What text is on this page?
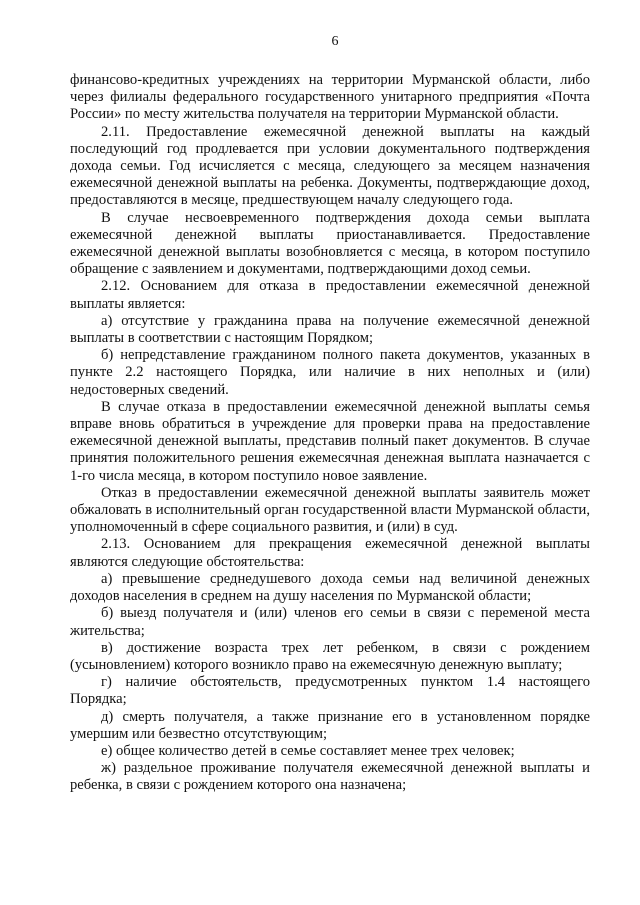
6

финансово-кредитных учреждениях на территории Мурманской области, либо через филиалы федерального государственного унитарного предприятия «Почта России» по месту жительства получателя на территории Мурманской области.

2.11. Предоставление ежемесячной денежной выплаты на каждый последующий год продлевается при условии документального подтверждения дохода семьи. Год исчисляется с месяца, следующего за месяцем назначения ежемесячной денежной выплаты на ребенка. Документы, подтверждающие доход, предоставляются в месяце, предшествующем началу следующего года.

В случае несвоевременного подтверждения дохода семьи выплата ежемесячной денежной выплаты приостанавливается. Предоставление ежемесячной денежной выплаты возобновляется с месяца, в котором поступило обращение с заявлением и документами, подтверждающими доход семьи.

2.12. Основанием для отказа в предоставлении ежемесячной денежной выплаты является:

а) отсутствие у гражданина права на получение ежемесячной денежной выплаты в соответствии с настоящим Порядком;

б) непредставление гражданином полного пакета документов, указанных в пункте 2.2 настоящего Порядка, или наличие в них неполных и (или) недостоверных сведений.

В случае отказа в предоставлении ежемесячной денежной выплаты семья вправе вновь обратиться в учреждение для проверки права на предоставление ежемесячной денежной выплаты, представив полный пакет документов. В случае принятия положительного решения ежемесячная денежная выплата назначается с 1-го числа месяца, в котором поступило новое заявление.

Отказ в предоставлении ежемесячной денежной выплаты заявитель может обжаловать в исполнительный орган государственной власти Мурманской области, уполномоченный в сфере социального развития, и (или) в суд.

2.13. Основанием для прекращения ежемесячной денежной выплаты являются следующие обстоятельства:

а) превышение среднедушевого дохода семьи над величиной денежных доходов населения в среднем на душу населения по Мурманской области;

б) выезд получателя и (или) членов его семьи в связи с переменой места жительства;

в) достижение возраста трех лет ребенком, в связи с рождением (усыновлением) которого возникло право на ежемесячную денежную выплату;

г) наличие обстоятельств, предусмотренных пунктом 1.4 настоящего Порядка;

д) смерть получателя, а также признание его в установленном порядке умершим или безвестно отсутствующим;

е) общее количество детей в семье составляет менее трех человек;

ж) раздельное проживание получателя ежемесячной денежной выплаты и ребенка, в связи с рождением которого она назначена;
